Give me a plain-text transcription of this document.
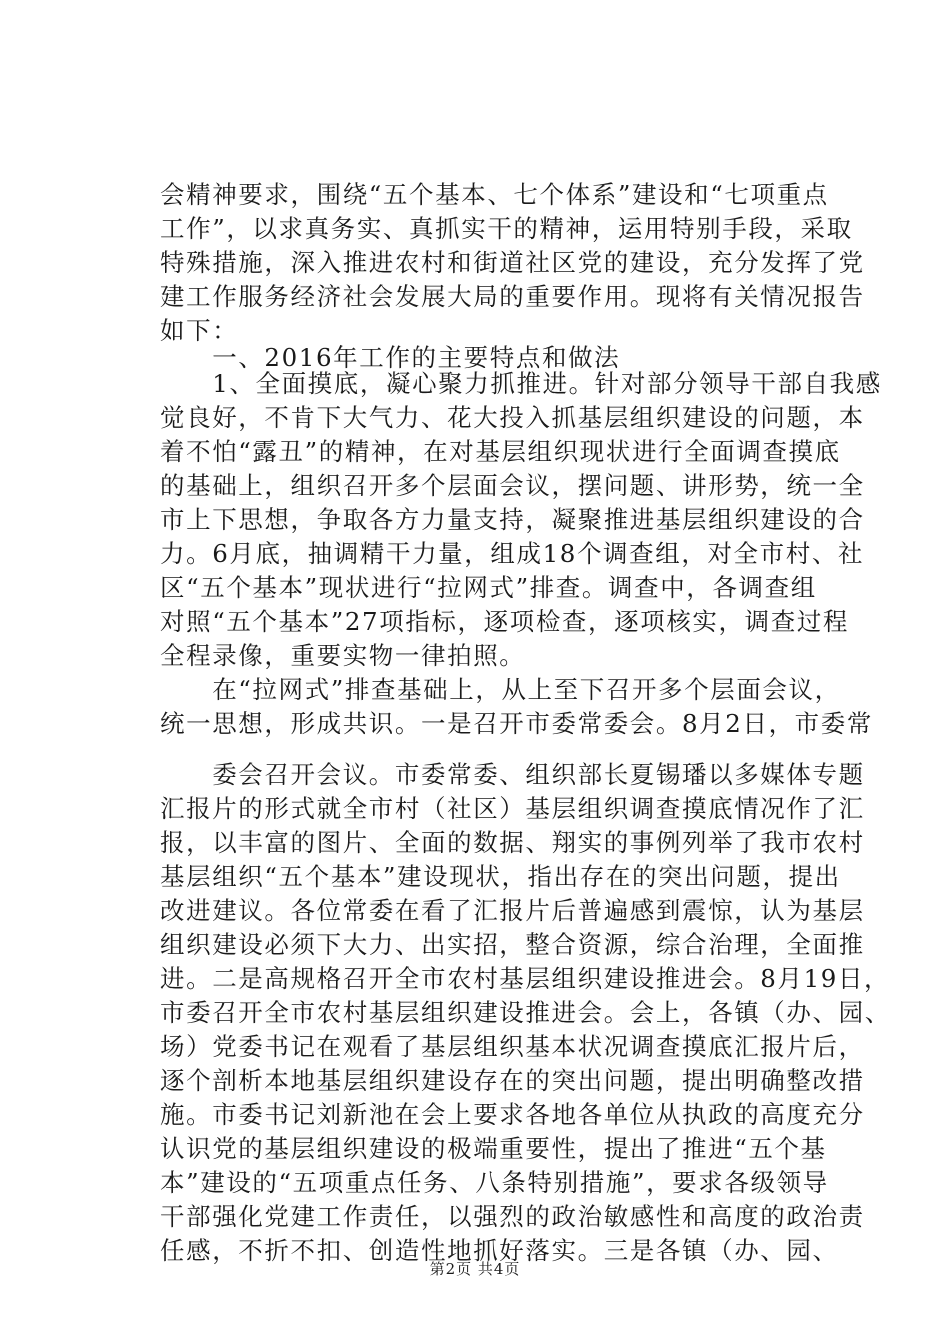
会精神要求，围绕“五个基本、七个体系”建设和“七项重点
工作”，以求真务实、真抓实干的精神，运用特别手段，采取
特殊措施，深入推进农村和街道社区党的建设，充分发挥了党
建工作服务经济社会发展大局的重要作用。现将有关情况报告
如下：
　　一、2016年工作的主要特点和做法
　　1、全面摸底，凝心聚力抓推进。针对部分领导干部自我感
觉良好，不肯下大气力、花大投入抓基层组织建设的问题，本
着不怕“露丑”的精神，在对基层组织现状进行全面调查摸底
的基础上，组织召开多个层面会议，摆问题、讲形势，统一全
市上下思想，争取各方力量支持，凝聚推进基层组织建设的合
力。6月底，抽调精干力量，组成18个调查组，对全市村、社
区“五个基本”现状进行“拉网式”排查。调查中，各调查组
对照“五个基本”27项指标，逐项检查，逐项核实，调查过程
全程录像，重要实物一律拍照。
　　在“拉网式”排查基础上，从上至下召开多个层面会议，
统一思想，形成共识。一是召开市委常委会。8月2日，市委常
　　委会召开会议。市委常委、组织部长夏锡璠以多媒体专题
汇报片的形式就全市村（社区）基层组织调查摸底情况作了汇
报，以丰富的图片、全面的数据、翔实的事例列举了我市农村
基层组织“五个基本”建设现状，指出存在的突出问题，提出
改进建议。各位常委在看了汇报片后普遍感到震惊，认为基层
组织建设必须下大力、出实招，整合资源，综合治理，全面推
进。二是高规格召开全市农村基层组织建设推进会。8月19日，
市委召开全市农村基层组织建设推进会。会上，各镇（办、园、
场）党委书记在观看了基层组织基本状况调查摸底汇报片后，
逐个剖析本地基层组织建设存在的突出问题，提出明确整改措
施。市委书记刘新池在会上要求各地各单位从执政的高度充分
认识党的基层组织建设的极端重要性，提出了推进“五个基
本”建设的“五项重点任务、八条特别措施”，要求各级领导
干部强化党建工作责任，以强烈的政治敏感性和高度的政治责
任感，不折不扣、创造性地抓好落实。三是各镇（办、园、
第2页 共4页
